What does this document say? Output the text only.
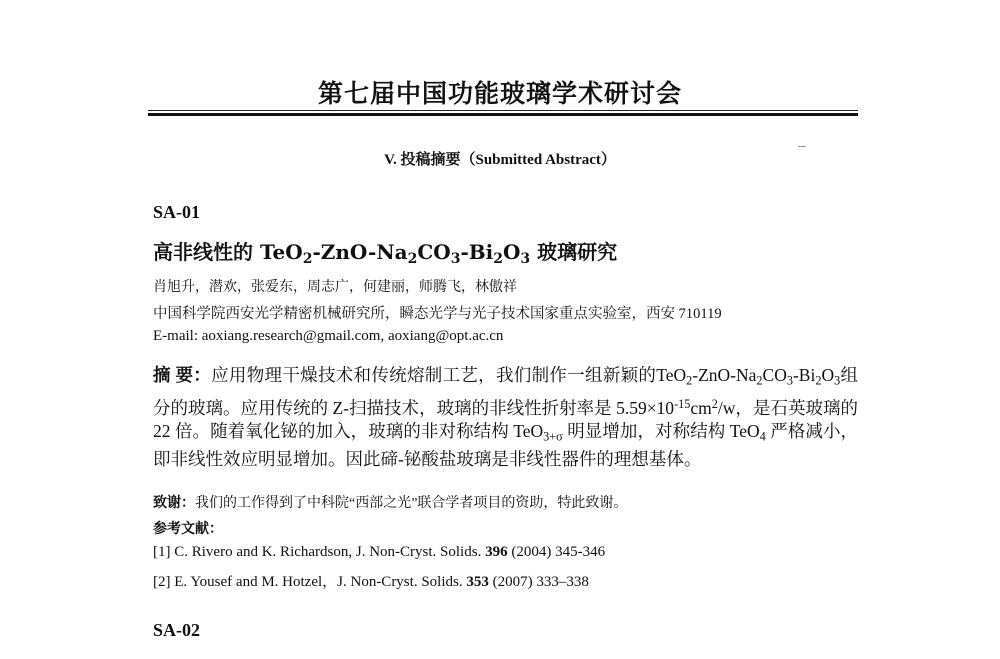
第七届中国功能玻璃学术研讨会
V. 投稿摘要（Submitted Abstract）
SA-01
高非线性的 $TeO_2-ZnO-Na_2CO_3-Bi_2O_3$ 玻璃研究
肖旭升，潜欢，张爱东，周志广，何建丽，师腾飞，林傲祥
中国科学院西安光学精密机械研究所，瞬态光学与光子技术国家重点实验室，西安 710119
E-mail: aoxiang.research@gmail.com, aoxiang@opt.ac.cn
摘 要：应用物理干燥技术和传统熔制工艺，我们制作一组新颖的$TeO_2-ZnO-Na_2CO_3-Bi_2O_3$组分的玻璃。应用传统的 Z-扫描技术，玻璃的非线性折射率是 $5.59\times 10^{-15}cm^2/w$，是石英玻璃的 22 倍。随着氧化铋的加入，玻璃的非对称结构 TeO$_{3+\sigma}$ 明显增加，对称结构 TeO$_4$ 严格减小，即非线性效应明显增加。因此碲-铋酸盐玻璃是非线性器件的理想基体。
致谢：我们的工作得到了中科院“西部之光”联合学者项目的资助，特此致谢。
参考文献：
[1] C. Rivero and K. Richardson, J. Non-Cryst. Solids. 396 (2004) 345-346
[2] E. Yousef and M. Hotzel，J. Non-Cryst. Solids. 353 (2007) 333–338
SA-02
